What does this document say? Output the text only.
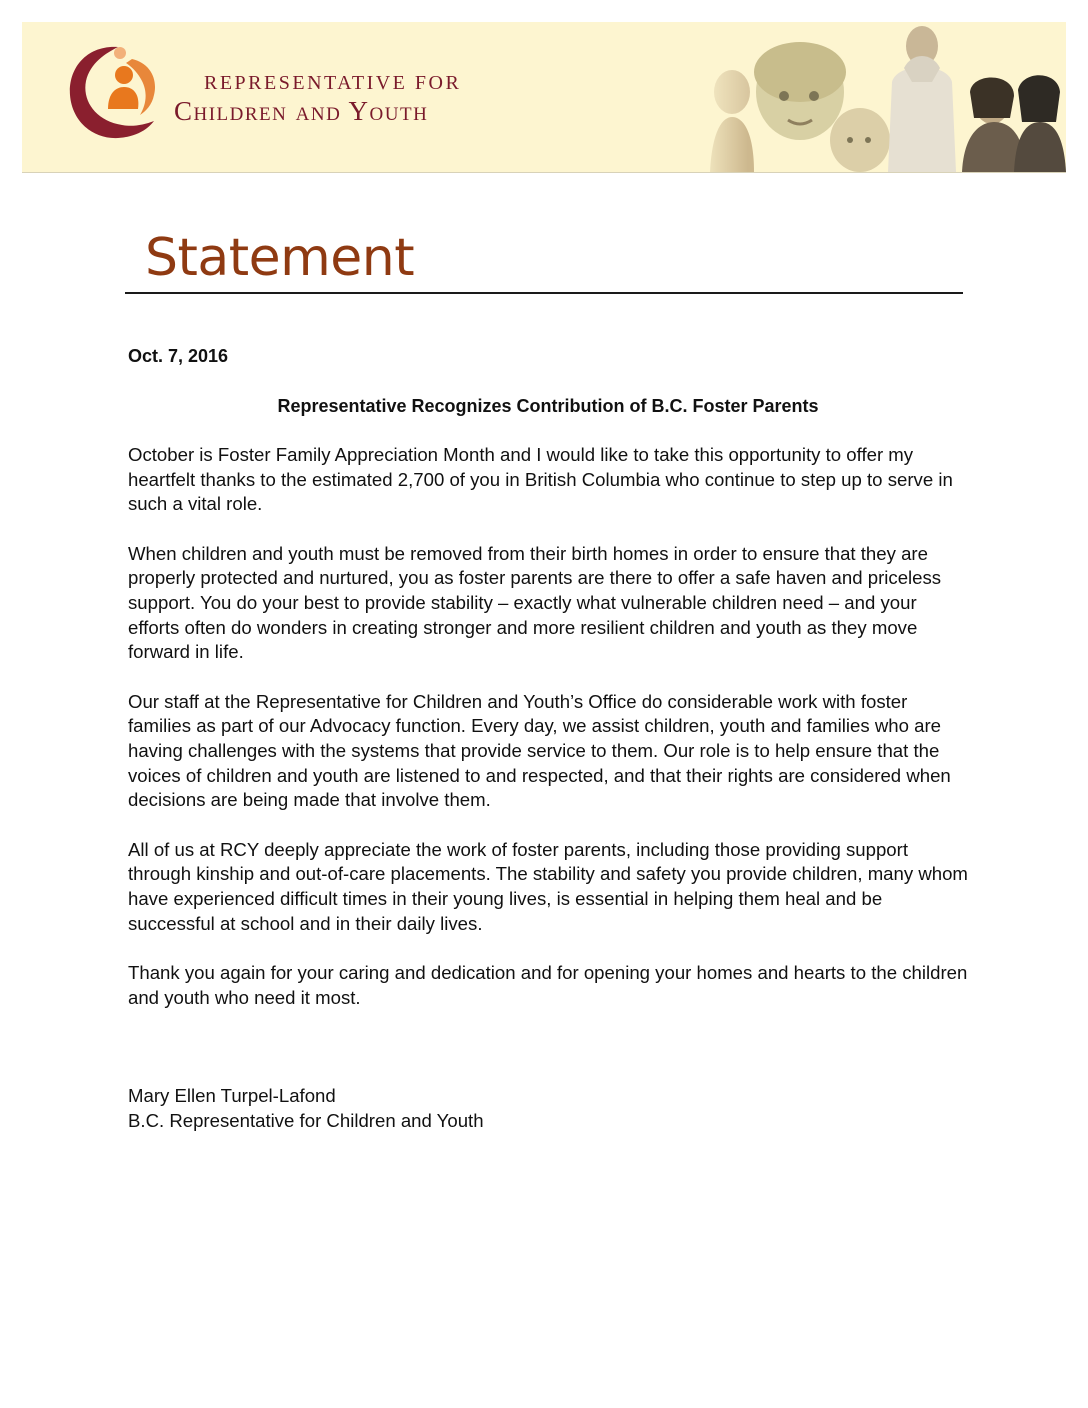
REPRESENTATIVE FOR
Children and Youth
Statement

Oct. 7, 2016

Representative Recognizes Contribution of B.C. Foster Parents

October is Foster Family Appreciation Month and I would like to take this opportunity to offer my heartfelt thanks to the estimated 2,700 of you in British Columbia who continue to step up to serve in such a vital role.

When children and youth must be removed from their birth homes in order to ensure that they are properly protected and nurtured, you as foster parents are there to offer a safe haven and priceless support. You do your best to provide stability – exactly what vulnerable children need – and your efforts often do wonders in creating stronger and more resilient children and youth as they move forward in life.

Our staff at the Representative for Children and Youth’s Office do considerable work with foster families as part of our Advocacy function. Every day, we assist children, youth and families who are having challenges with the systems that provide service to them. Our role is to help ensure that the voices of children and youth are listened to and respected, and that their rights are considered when decisions are being made that involve them.

All of us at RCY deeply appreciate the work of foster parents, including those providing support through kinship and out-of-care placements. The stability and safety you provide children, many whom have experienced difficult times in their young lives, is essential in helping them heal and be successful at school and in their daily lives.

Thank you again for your caring and dedication and for opening your homes and hearts to the children and youth who need it most.

Mary Ellen Turpel-Lafond
B.C. Representative for Children and Youth
